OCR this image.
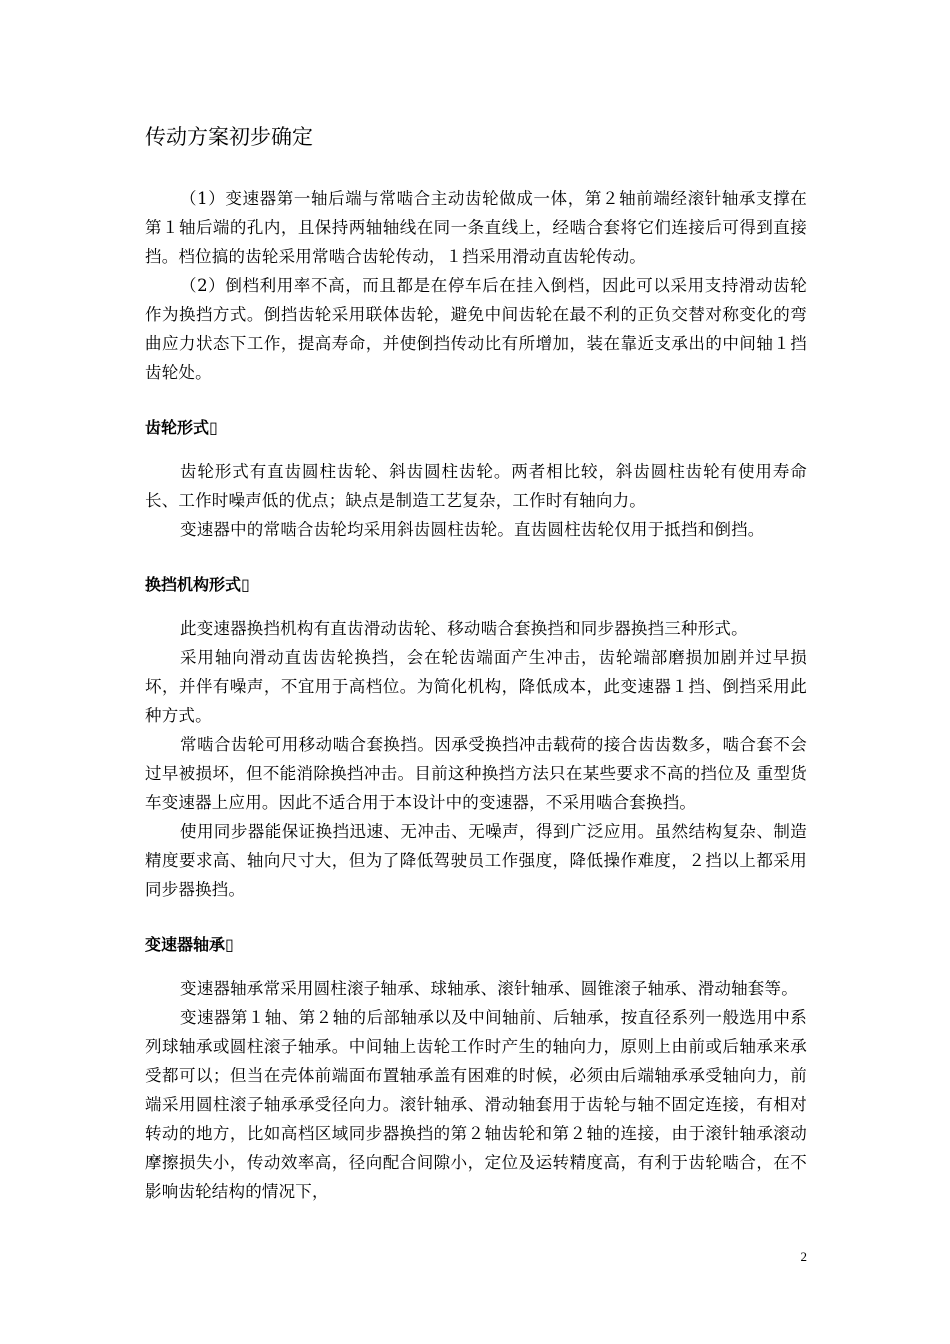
传动方案初步确定

（1）变速器第一轴后端与常啮合主动齿轮做成一体，第２轴前端经滚针轴承支撑在第１轴后端的孔内，且保持两轴轴线在同一条直线上，经啮合套将它们连接后可得到直接挡。档位搞的齿轮采用常啮合齿轮传动，１挡采用滑动直齿轮传动。

（2）倒档利用率不高，而且都是在停车后在挂入倒档，因此可以采用支持滑动齿轮作为换挡方式。倒挡齿轮采用联体齿轮，避免中间齿轮在最不利的正负交替对称变化的弯曲应力状态下工作，提高寿命，并使倒挡传动比有所增加，装在靠近支承出的中间轴１挡齿轮处。

齿轮形式▯

齿轮形式有直齿圆柱齿轮、斜齿圆柱齿轮。两者相比较，斜齿圆柱齿轮有使用寿命长、工作时噪声低的优点；缺点是制造工艺复杂，工作时有轴向力。

变速器中的常啮合齿轮均采用斜齿圆柱齿轮。直齿圆柱齿轮仅用于抵挡和倒挡。

换挡机构形式▯

此变速器换挡机构有直齿滑动齿轮、移动啮合套换挡和同步器换挡三种形式。

采用轴向滑动直齿齿轮换挡，会在轮齿端面产生冲击，齿轮端部磨损加剧并过早损坏，并伴有噪声，不宜用于高档位。为简化机构，降低成本，此变速器１挡、倒挡采用此种方式。

常啮合齿轮可用移动啮合套换挡。因承受换挡冲击载荷的接合齿齿数多，啮合套不会过早被损坏，但不能消除换挡冲击。目前这种换挡方法只在某些要求不高的挡位及 重型货车变速器上应用。因此不适合用于本设计中的变速器，不采用啮合套换挡。

使用同步器能保证换挡迅速、无冲击、无噪声，得到广泛应用。虽然结构复杂、制造精度要求高、轴向尺寸大，但为了降低驾驶员工作强度，降低操作难度，２挡以上都采用同步器换挡。

变速器轴承▯

变速器轴承常采用圆柱滚子轴承、球轴承、滚针轴承、圆锥滚子轴承、滑动轴套等。

变速器第１轴、第２轴的后部轴承以及中间轴前、后轴承，按直径系列一般选用中系列球轴承或圆柱滚子轴承。中间轴上齿轮工作时产生的轴向力，原则上由前或后轴承来承受都可以；但当在壳体前端面布置轴承盖有困难的时候，必须由后端轴承承受轴向力，前端采用圆柱滚子轴承承受径向力。滚针轴承、滑动轴套用于齿轮与轴不固定连接，有相对转动的地方，比如高档区域同步器换挡的第２轴齿轮和第２轴的连接，由于滚针轴承滚动摩擦损失小，传动效率高，径向配合间隙小，定位及运转精度高，有利于齿轮啮合，在不影响齿轮结构的情况下，

2
